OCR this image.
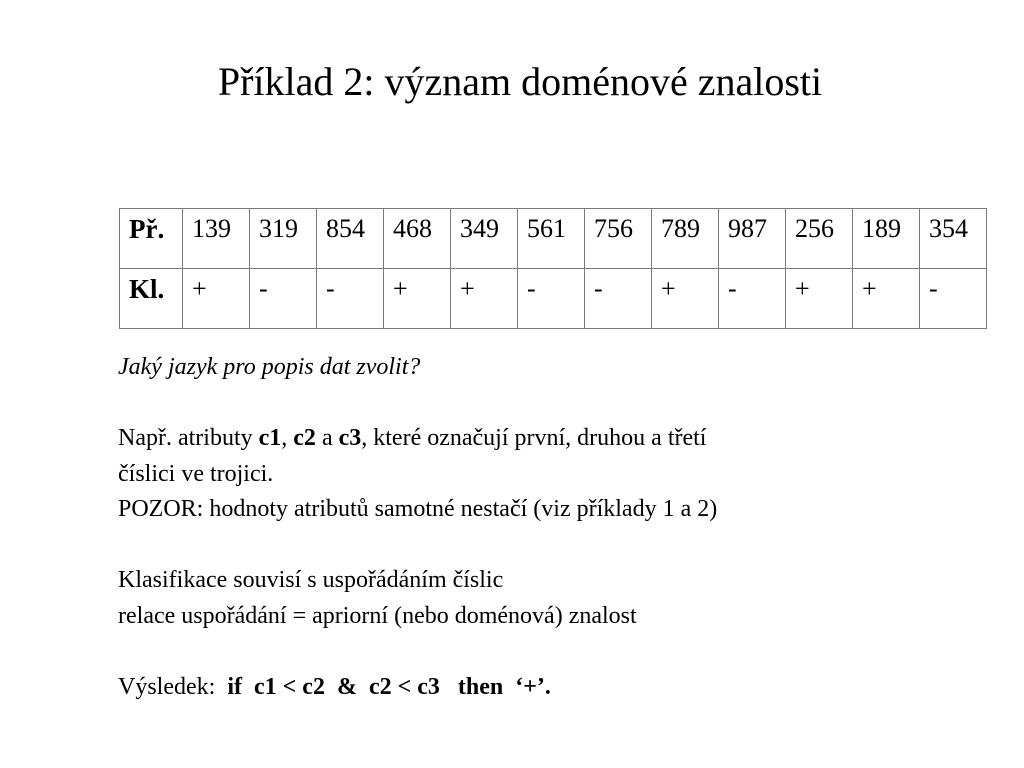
Příklad 2: význam doménové znalosti
Př.	139	319	854	468	349	561	756	789	987	256	189	354
Kl.	+	-	-	+	+	-	-	+	-	+	+	-

Jaký jazyk pro popis dat zvolit?

Např. atributy c1, c2 a c3, které označují první, druhou a třetí

číslici ve trojici.

POZOR: hodnoty atributů samotné nestačí (viz příklady 1 a 2)

Klasifikace souvisí s uspořádáním číslic

relace uspořádání = apriorní (nebo doménová) znalost

Výsledek: if  c1 < c2  &  c2 < c3   then  ‘+’.
